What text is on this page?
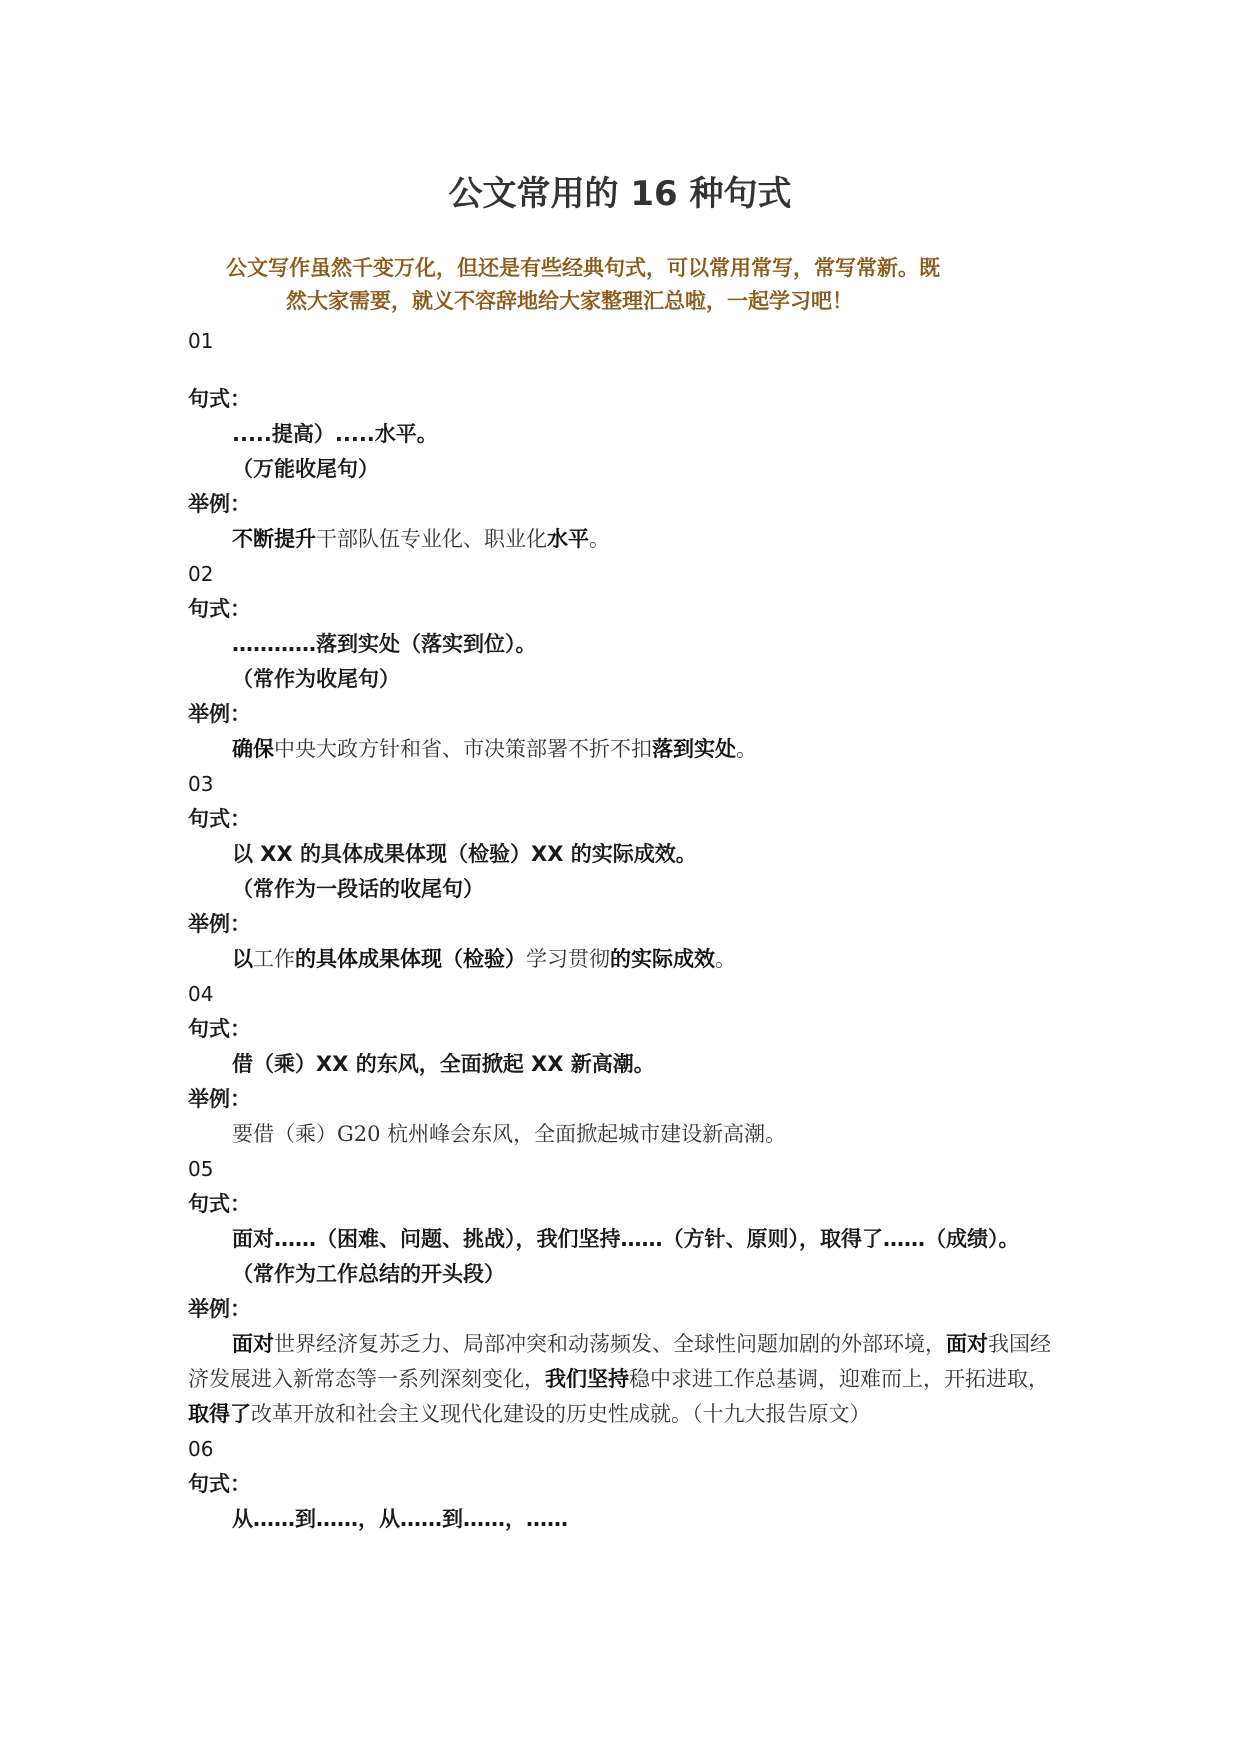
公文常用的 16 种句式

公文写作虽然千变万化，但还是有些经典句式，可以常用常写，常写常新。既
然大家需要，就义不容辞地给大家整理汇总啦，一起学习吧！

01

句式：

.....提高）.....水平。

（万能收尾句）

举例：

不断提升干部队伍专业化、职业化水平。

02

句式：

…………落到实处（落实到位）。

（常作为收尾句）

举例：

确保中央大政方针和省、市决策部署不折不扣落到实处。

03

句式：

以 XX 的具体成果体现（检验）XX 的实际成效。

（常作为一段话的收尾句）

举例：

以工作的具体成果体现（检验）学习贯彻的实际成效。

04

句式：

借（乘）XX 的东风，全面掀起 XX 新高潮。

举例：

要借（乘）G20 杭州峰会东风，全面掀起城市建设新高潮。

05

句式：

面对……（困难、问题、挑战），我们坚持……（方针、原则），取得了……（成绩）。

（常作为工作总结的开头段）

举例：

面对世界经济复苏乏力、局部冲突和动荡频发、全球性问题加剧的外部环境，面对我国经济发展进入新常态等一系列深刻变化，我们坚持稳中求进工作总基调，迎难而上，开拓进取，取得了改革开放和社会主义现代化建设的历史性成就。（十九大报告原文）

06

句式：

从……到……，从……到……，……
